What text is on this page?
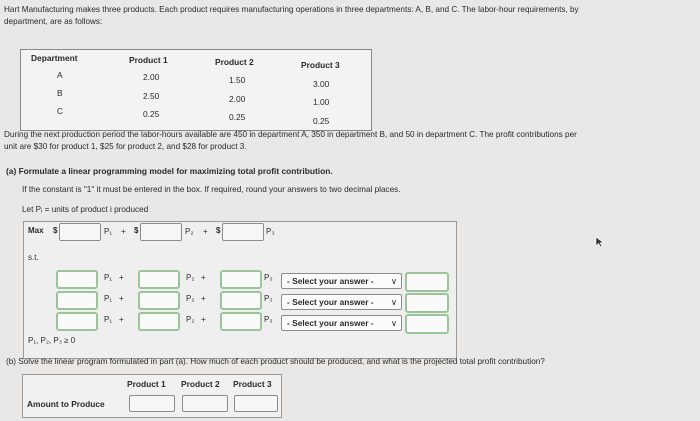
Hart Manufacturing makes three products. Each product requires manufacturing operations in three departments: A, B, and C. The labor-hour requirements, by
department, are as follows:
Department	Product 1	Product 2	Product 3
A	2.00	1.50	3.00
B	2.50	2.00	1.00
C	0.25	0.25	0.25
During the next production period the labor-hours available are 450 in department A, 350 in department B, and 50 in department C. The profit contributions per
unit are $30 for product 1, $25 for product 2, and $28 for product 3.
(a) Formulate a linear programming model for maximizing total profit contribution.
If the constant is "1" it must be entered in the box. If required, round your answers to two decimal places.
Let Pᵢ = units of product i produced
Max $	P₁ + $	P₂ + $	P₃
s.t.
P₁ +	P₂ +	P₃	- Select your answer - ∨
P₁ +	P₂ +	P₃	- Select your answer - ∨
P₁ +	P₂ +	P₃	- Select your answer - ∨
P₁, P₂, P₃ ≥ 0
(b) Solve the linear program formulated in part (a). How much of each product should be produced, and what is the projected total profit contribution?
Product 1 Product 2 Product 3
Amount to Produce
